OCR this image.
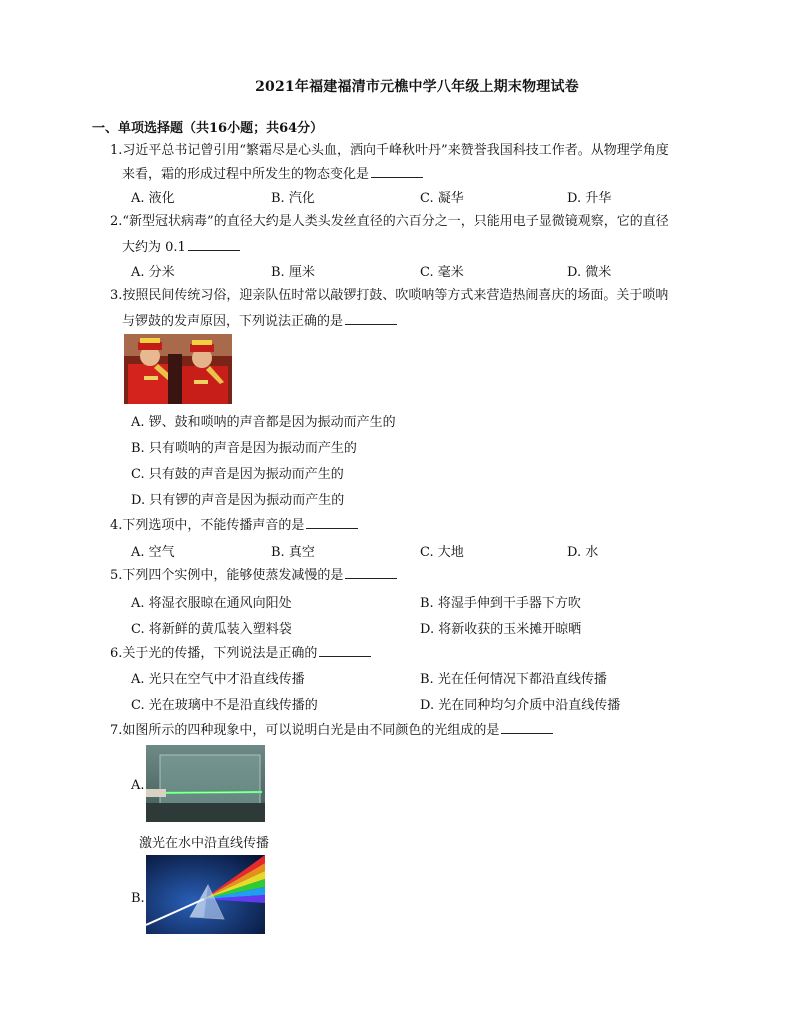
2021年福建福清市元樵中学八年级上期末物理试卷
一、单项选择题（共16小题；共64分）
1.习近平总书记曾引用“繁霜尽是心头血，洒向千峰秋叶丹”来赞誉我国科技工作者。从物理学角度
来看，霜的形成过程中所发生的物态变化是
A. 液化	B. 汽化	C. 凝华	D. 升华
2.“新型冠状病毒”的直径大约是人类头发丝直径的六百分之一，只能用电子显微镜观察，它的直径
大约为 0.1
A. 分米	B. 厘米	C. 毫米	D. 微米
3.按照民间传统习俗，迎亲队伍时常以敲锣打鼓、吹唢呐等方式来营造热闹喜庆的场面。关于唢呐
与锣鼓的发声原因，下列说法正确的是
A. 锣、鼓和唢呐的声音都是因为振动而产生的
B. 只有唢呐的声音是因为振动而产生的
C. 只有鼓的声音是因为振动而产生的
D. 只有锣的声音是因为振动而产生的
4.下列选项中，不能传播声音的是
A. 空气	B. 真空	C. 大地	D. 水
5.下列四个实例中，能够使蒸发减慢的是
A. 将湿衣服晾在通风向阳处	B. 将湿手伸到干手器下方吹
C. 将新鲜的黄瓜装入塑料袋	D. 将新收获的玉米摊开晾晒
6.关于光的传播，下列说法是正确的
A. 光只在空气中才沿直线传播	B. 光在任何情况下都沿直线传播
C. 光在玻璃中不是沿直线传播的	D. 光在同种均匀介质中沿直线传播
7.如图所示的四种现象中，可以说明白光是由不同颜色的光组成的是
A.
激光在水中沿直线传播
B.
